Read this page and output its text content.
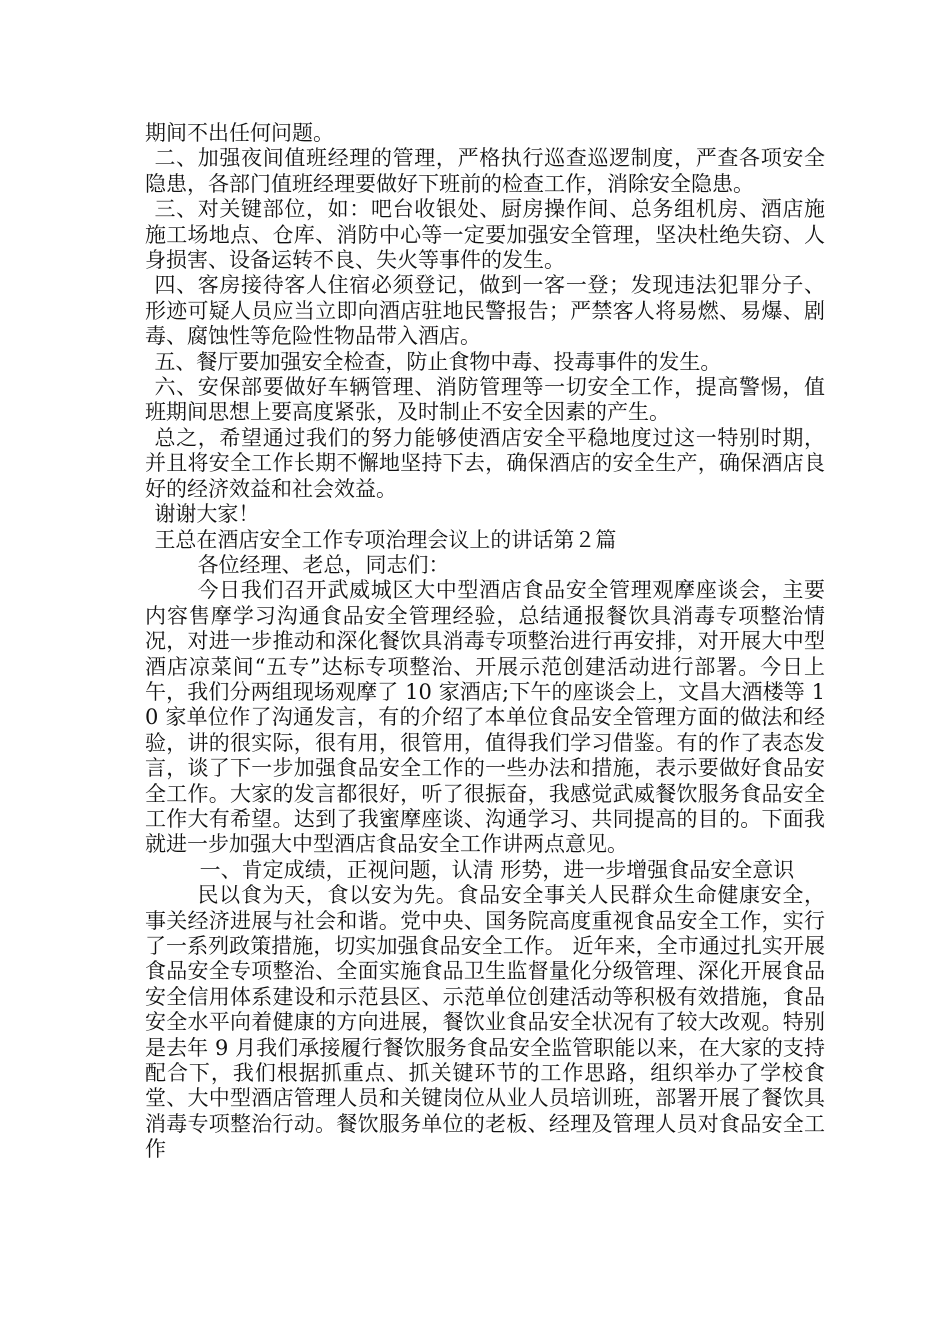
期间不出任何问题。

二、加强夜间值班经理的管理，严格执行巡查巡逻制度，严查各项安全隐患，各部门值班经理要做好下班前的检查工作，消除安全隐患。

三、对关键部位，如：吧台收银处、厨房操作间、总务组机房、酒店施施工场地点、仓库、消防中心等一定要加强安全管理，坚决杜绝失窃、人身损害、设备运转不良、失火等事件的发生。

四、客房接待客人住宿必须登记，做到一客一登；发现违法犯罪分子、形迹可疑人员应当立即向酒店驻地民警报告；严禁客人将易燃、易爆、剧毒、腐蚀性等危险性物品带入酒店。

五、餐厅要加强安全检查，防止食物中毒、投毒事件的发生。

六、安保部要做好车辆管理、消防管理等一切安全工作，提高警惕，值班期间思想上要高度紧张，及时制止不安全因素的产生。

总之，希望通过我们的努力能够使酒店安全平稳地度过这一特别时期，并且将安全工作长期不懈地坚持下去，确保酒店的安全生产，确保酒店良好的经济效益和社会效益。

谢谢大家！

王总在酒店安全工作专项治理会议上的讲话第２篇

各位经理、老总，同志们：

今日我们召开武威城区大中型酒店食品安全管理观摩座谈会，主要内容售摩学习沟通食品安全管理经验，总结通报餐饮具消毒专项整治情况，对进一步推动和深化餐饮具消毒专项整治进行再安排，对开展大中型酒店凉菜间“五专”达标专项整治、开展示范创建活动进行部署。今日上午，我们分两组现场观摩了 10 家酒店;下午的座谈会上，文昌大酒楼等 10 家单位作了沟通发言，有的介绍了本单位食品安全管理方面的做法和经验，讲的很实际，很有用，很管用，值得我们学习借鉴。有的作了表态发言，谈了下一步加强食品安全工作的一些办法和措施，表示要做好食品安全工作。大家的发言都很好，听了很振奋，我感觉武威餐饮服务食品安全工作大有希望。达到了我蜜摩座谈、沟通学习、共同提高的目的。下面我就进一步加强大中型酒店食品安全工作讲两点意见。

一、肯定成绩，正视问题，认清 形势，进一步增强食品安全意识

民以食为天，食以安为先。食品安全事关人民群众生命健康安全，事关经济进展与社会和谐。党中央、国务院高度重视食品安全工作，实行了一系列政策措施，切实加强食品安全工作。 近年来，全市通过扎实开展食品安全专项整治、全面实施食品卫生监督量化分级管理、深化开展食品安全信用体系建设和示范县区、示范单位创建活动等积极有效措施，食品安全水平向着健康的方向进展，餐饮业食品安全状况有了较大改观。特别是去年 9 月我们承接履行餐饮服务食品安全监管职能以来，在大家的支持配合下，我们根据抓重点、抓关键环节的工作思路，组织举办了学校食堂、大中型酒店管理人员和关键岗位从业人员培训班，部署开展了餐饮具消毒专项整治行动。餐饮服务单位的老板、经理及管理人员对食品安全工作
